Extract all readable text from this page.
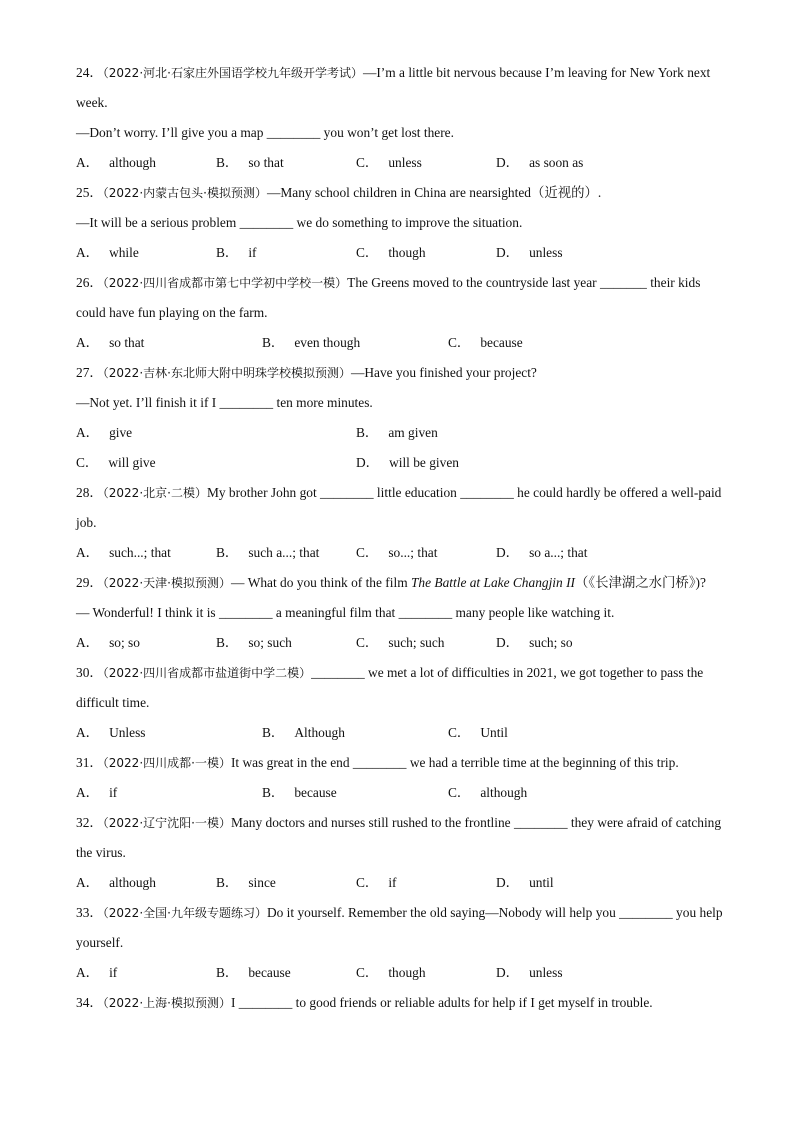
24．（2022·河北·石家庄外国语学校九年级开学考试）—I’m a little bit nervous because I’m leaving for New York next week.

—Don’t worry. I’ll give you a map ________ you won’t get lost there.

A． although	B． so that	C． unless	D． as soon as

25．（2022·内蒙古包头·模拟预测）—Many school children in China are nearsighted（近视的）.

—It will be a serious problem ________ we do something to improve the situation.

A． while	B． if	C． though	D． unless

26．（2022·四川省成都市第七中学初中学校一模）The Greens moved to the countryside last year _______ their kids could have fun playing on the farm.

A． so that	B． even though	C． because

27．（2022·吉林·东北师大附中明珠学校模拟预测）—Have you finished your project?

—Not yet. I’ll finish it if I ________ ten more minutes.

A． give	B． am given
C． will give	D． will be given

28．（2022·北京·二模）My brother John got ________ little education ________ he could hardly be offered a well-paid job.

A． such...; that	B． such a...; that	C． so...; that	D． so a...; that

29．（2022·天津·模拟预测）— What do you think of the film The Battle at Lake Changjin II（《长津湖之水门桥》)?

— Wonderful! I think it is ________ a meaningful film that ________ many people like watching it.

A． so; so	B． so; such	C． such; such	D． such; so

30．（2022·四川省成都市盐道街中学二模）________ we met a lot of difficulties in 2021, we got together to pass the difficult time.

A． Unless	B． Although	C． Until

31．（2022·四川成都·一模）It was great in the end ________ we had a terrible time at the beginning of this trip.

A． if	B． because	C． although

32．（2022·辽宁沈阳·一模）Many doctors and nurses still rushed to the frontline ________ they were afraid of catching the virus.

A． although	B． since	C． if	D． until

33．（2022·全国·九年级专题练习）Do it yourself. Remember the old saying—Nobody will help you ________ you help yourself.

A． if	B． because	C． though	D． unless

34．（2022·上海·模拟预测）I ________ to good friends or reliable adults for help if I get myself in trouble.
